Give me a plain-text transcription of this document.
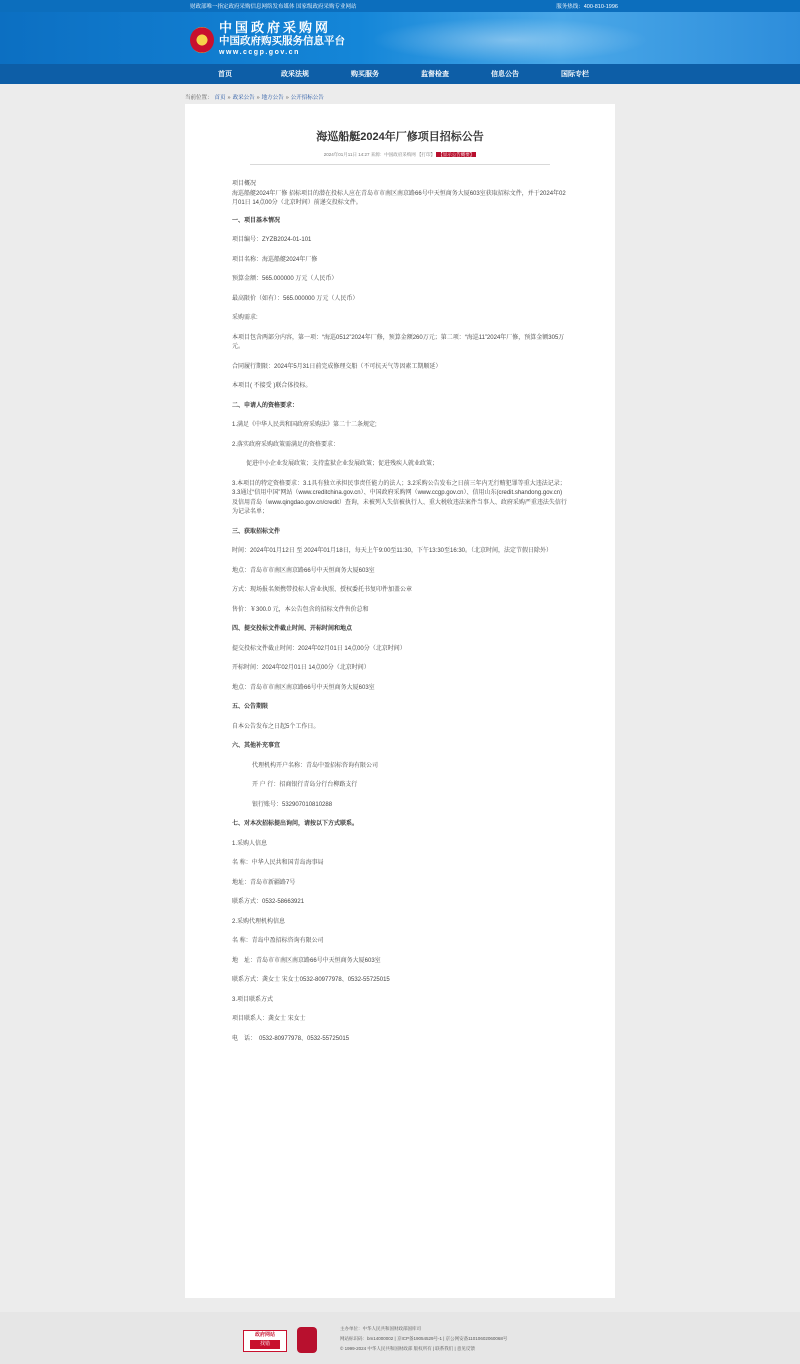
财政部唯一指定政府采购信息网络发布媒体 国家级政府采购专业网站	服务热线：400-810-1996
中国政府采购网
中国政府购买服务信息平台
www.ccgp.gov.cn
首页	政采法规	购买服务	监督检查	信息公告	国际专栏
当前位置： 首页 » 政采公告 » 地方公告 » 公开招标公告
海巡船艇2024年厂修项目招标公告
2024年01月11日 14:27 来源：中国政府采购网 【打印】 【显示公告概要】

项目概况

海巡船艇2024年厂修 招标项目的潜在投标人应在青岛市市南区南京路66号中天恒商务大厦603室获取招标文件，并于2024年02月01日 14点00分（北京时间）前递交投标文件。

一、项目基本情况

项目编号：ZYZB2024-01-101

项目名称：海巡船艇2024年厂修

预算金额：565.000000 万元（人民币）

最高限价（如有）：565.000000 万元（人民币）

采购需求:

本项目包含两部分内容，第一项：“海巡0512”2024年厂修，预算金额260万元；第二项：“海巡11”2024年厂修，预算金额305万元。

合同履行期限：2024年5月31日前完成修理交船（不可抗天气等因素工期顺延）

本项目( 不接受 )联合体投标。

二、申请人的资格要求：

1.满足《中华人民共和国政府采购法》第二十二条规定;

2.落实政府采购政策需满足的资格要求：

促进中小企业发展政策；支持监狱企业发展政策；促进残疾人就业政策；

3.本项目的特定资格要求：3.1具有独立承担民事责任能力的法人；3.2采购公告发布之日前三年内无行贿犯罪等重大违法记录；3.3通过“信用中国”网站（www.creditchina.gov.cn）、中国政府采购网（www.ccgp.gov.cn）、信用山东(credit.shandong.gov.cn)及信用青岛（www.qingdao.gov.cn/credit）查询，未被列入失信被执行人、重大税收违法案件当事人、政府采购严重违法失信行为记录名单；

三、获取招标文件

时间：2024年01月12日 至 2024年01月18日，每天上午9:00至11:30，下午13:30至16:30。（北京时间，法定节假日除外）

地点：青岛市市南区南京路66号中天恒商务大厦603室

方式：现场报名须携带投标人营业执照、授权委托书复印件加盖公章

售价：￥300.0 元，本公告包含的招标文件售价总和

四、提交投标文件截止时间、开标时间和地点

提交投标文件截止时间：2024年02月01日 14点00分（北京时间）

开标时间：2024年02月01日 14点00分（北京时间）

地点：青岛市市南区南京路66号中天恒商务大厦603室

五、公告期限

自本公告发布之日起5个工作日。

六、其他补充事宜

代理机构开户名称：青岛中盈招标咨询有限公司

开 户 行：招商银行青岛分行台柳路支行

银行账号：532907010810288

七、对本次招标提出询问，请按以下方式联系。

1.采购人信息

名 称：中华人民共和国青岛海事局

地址：青岛市新疆路7号

联系方式：0532-58663921

2.采购代理机构信息

名 称：青岛中盈招标咨询有限公司

地　址：青岛市市南区南京路66号中天恒商务大厦603室

联系方式：龚女士 宋女士0532-80977978、0532-55725015

3.项目联系方式

项目联系人：龚女士 宋女士

电　话：　0532-80977978、0532-55725015

政府网站
找错
主办单位：中华人民共和国财政部国库司
网站标识码：bm14000002 | 京ICP备19054529号-1 | 京公网安备11010602060068号
© 1999-2024 中华人民共和国财政部 版权所有 | 联系我们 | 意见反馈
